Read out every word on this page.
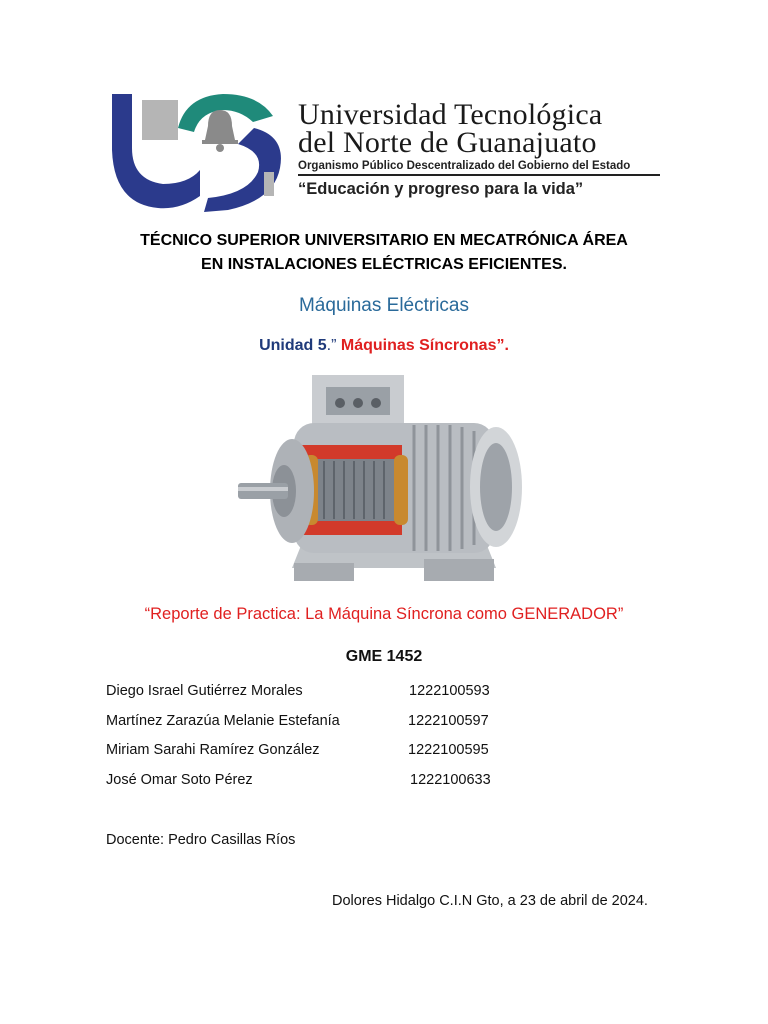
Universidad Tecnológica
del Norte de Guanajuato
Organismo Público Descentralizado del Gobierno del Estado
“Educación y progreso para la vida”
TÉCNICO SUPERIOR UNIVERSITARIO EN MECATRÓNICA ÁREA
EN INSTALACIONES ELÉCTRICAS EFICIENTES.
Máquinas Eléctricas
Unidad 5.” Máquinas Síncronas”.
“Reporte de Practica: La Máquina Síncrona como GENERADOR”
GME 1452
Diego Israel Gutiérrez Morales	1222100593
Martínez Zarazúa Melanie Estefanía	1222100597
Miriam Sarahi Ramírez González	1222100595
José Omar Soto Pérez	1222100633
Docente: Pedro Casillas Ríos
Dolores Hidalgo C.I.N Gto, a 23 de abril de 2024.
